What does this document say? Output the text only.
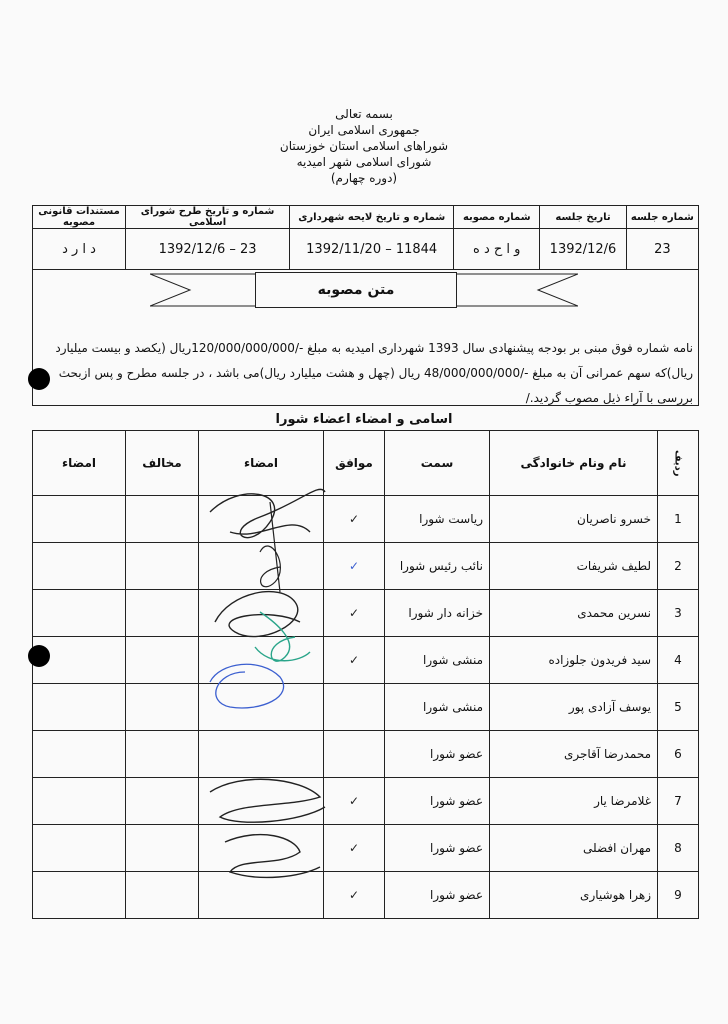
بسمه تعالی
جمهوری اسلامی ایران
شوراهای اسلامی استان خوزستان
شورای اسلامی شهر امیدیه
(دوره چهارم)
شماره جلسه	تاریخ جلسه	شماره مصوبه	شماره و تاریخ لایحه شهرداری	شماره و تاریخ طرح شورای اسلامی	مستندات قانونی مصوبه
23	1392/12/6	و ا ح د ه	1392/11/20 – 11844	1392/12/6 – 23	د ا ر د
متن مصوبه

نامه شماره فوق مبنی بر بودجه پیشنهادی سال 1393 شهرداری امیدیه به مبلغ -/120/000/000/000ریال (یکصد و بیست میلیارد

ریال)که سهم عمرانی آن به مبلغ -/48/000/000/000 ریال (چهل و هشت میلیارد ریال)می باشد ، در جلسه مطرح و پس ازبحث

بررسی با آراء ذیل مصوب گردید./

اسامی و امضاء اعضاء شورا
ردیف	نام ونام خانوادگی	سمت	موافق	امضاء	مخالف	امضاء
1	خسرو ناصریان	ریاست شورا	✓			
2	لطیف شریفات	نائب رئیس شورا	✓			
3	نسرین محمدی	خزانه دار شورا	✓			
4	سید فریدون جلوزاده	منشی شورا	✓			
5	یوسف آزادی پور	منشی شورا				
6	محمدرضا آقاجری	عضو شورا				
7	غلامرضا یار	عضو شورا	✓			
8	مهران افضلی	عضو شورا	✓			
9	زهرا هوشیاری	عضو شورا	✓			
